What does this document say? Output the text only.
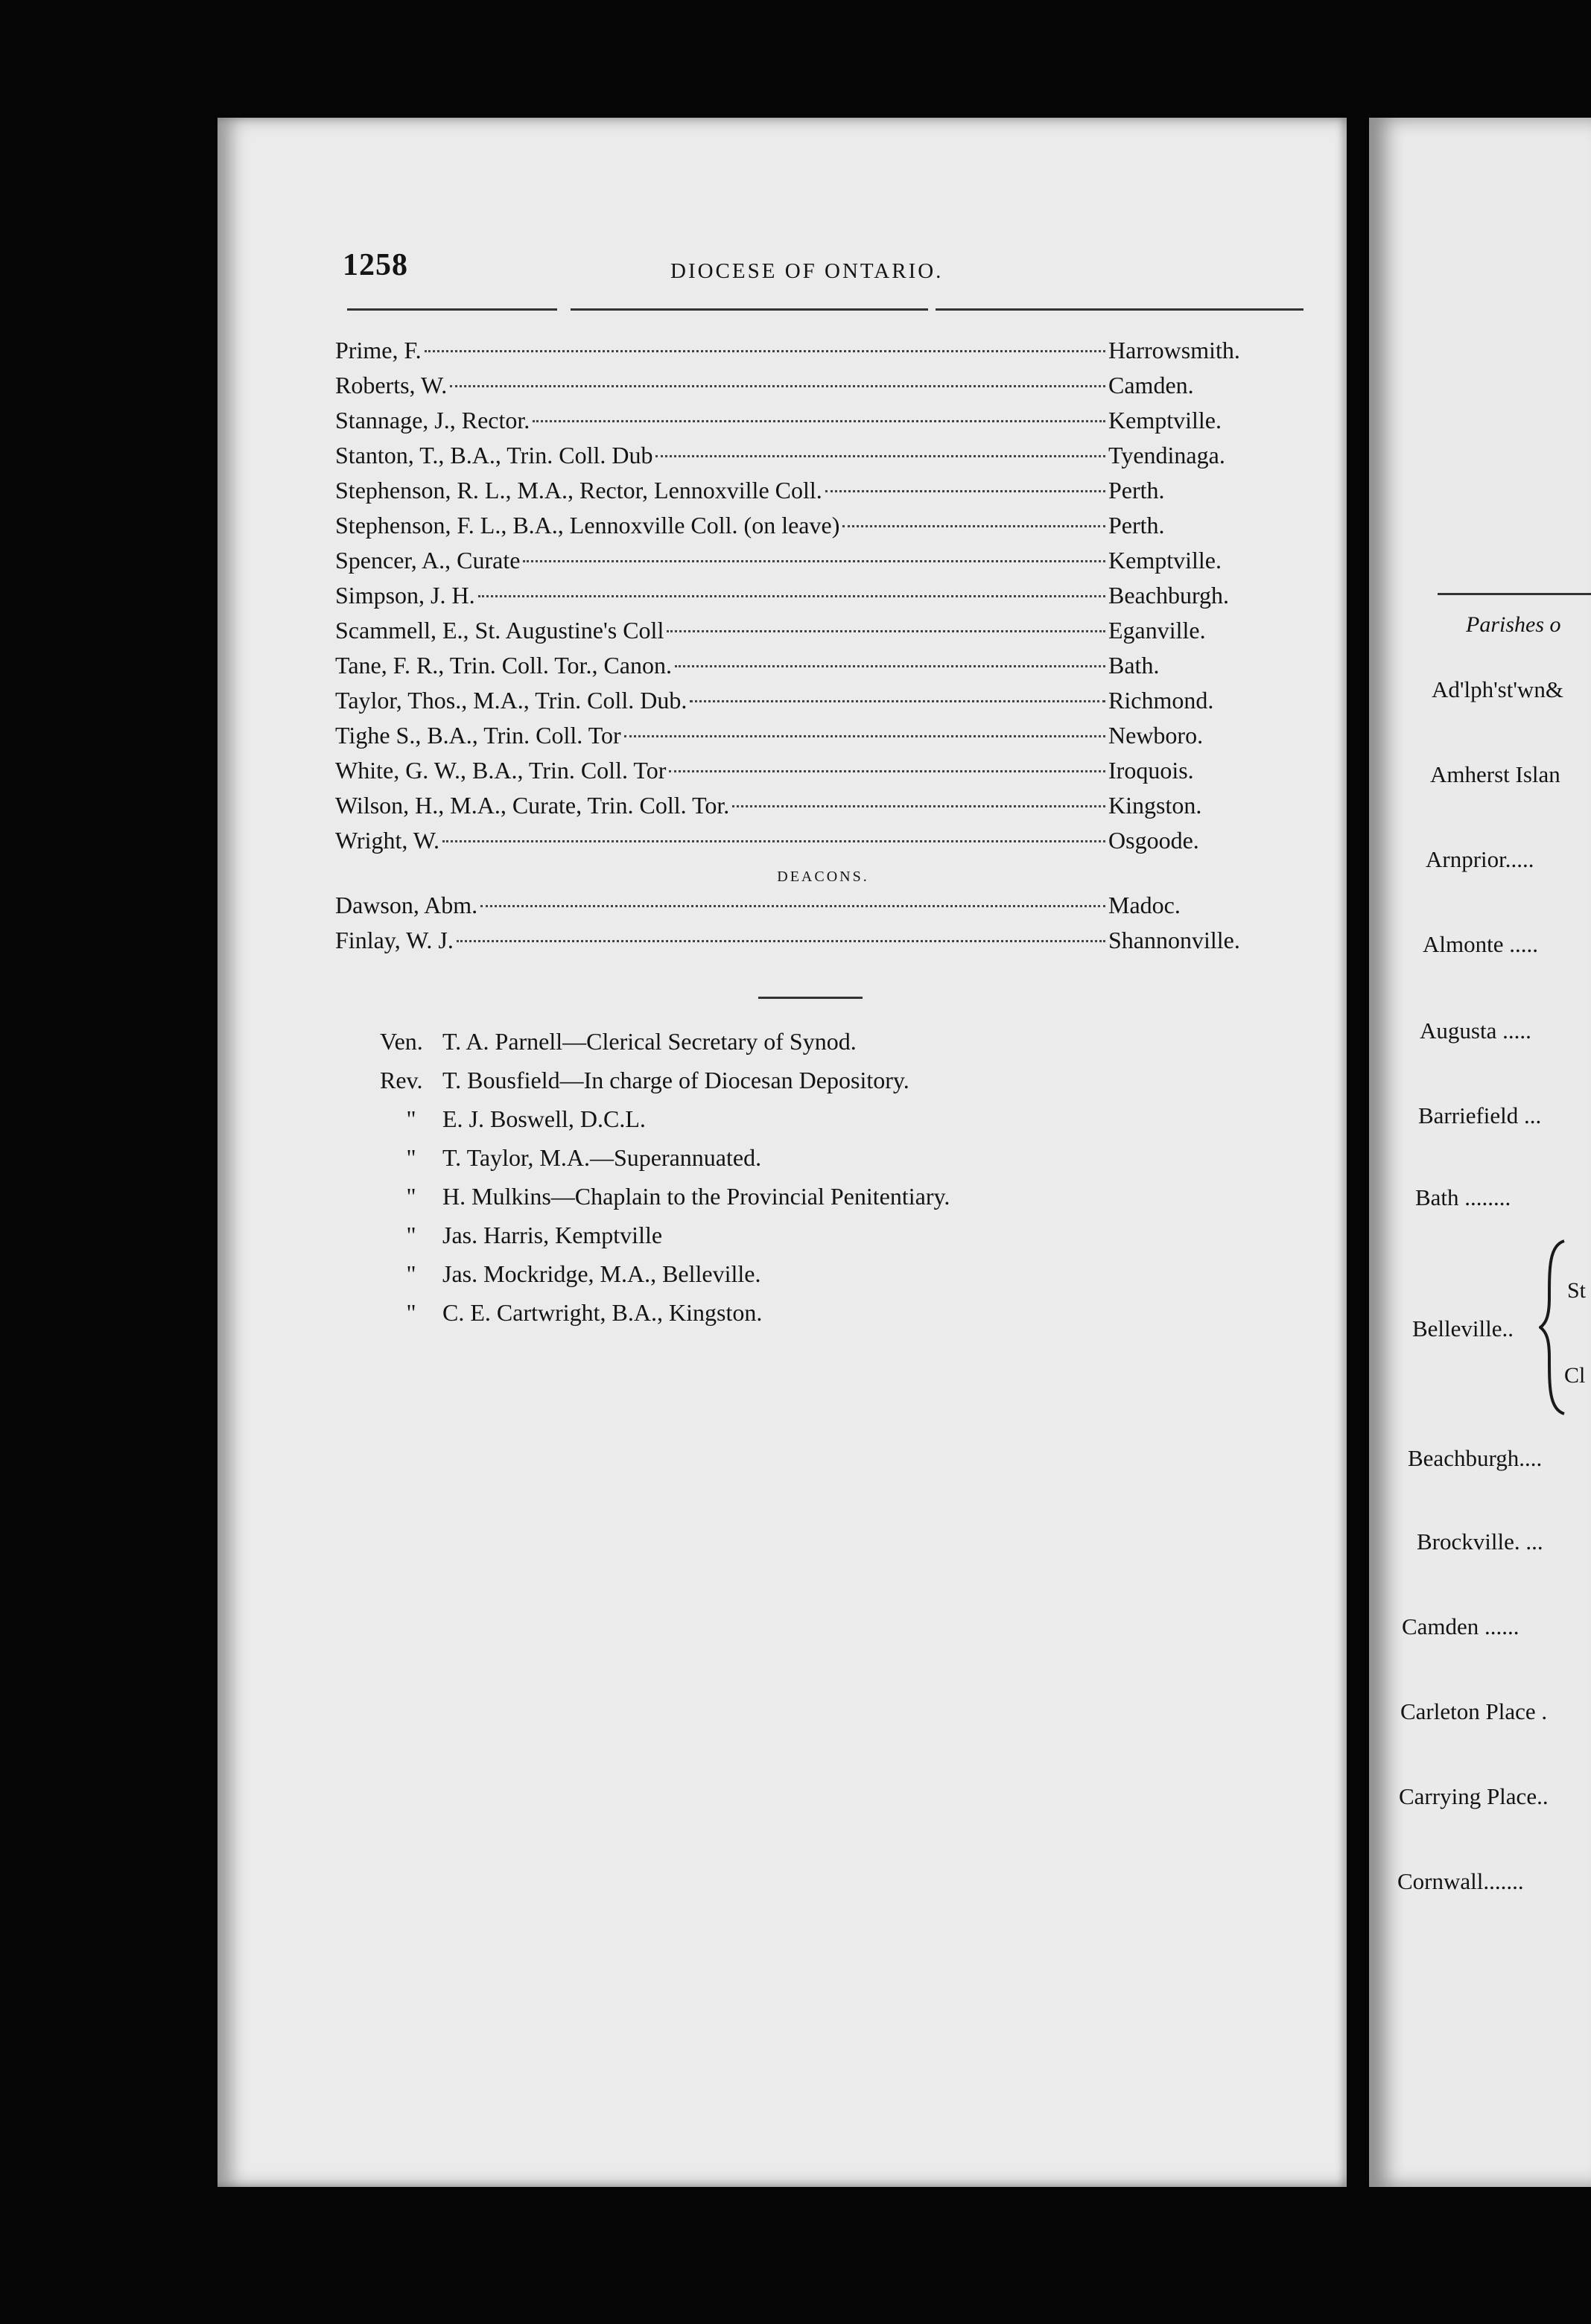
1258	DIOCESE OF ONTARIO.
Prime, F.	Harrowsmith.
Roberts, W.	Camden.
Stannage, J., Rector.	Kemptville.
Stanton, T., B.A., Trin. Coll. Dub	Tyendinaga.
Stephenson, R. L., M.A., Rector, Lennoxville Coll.	Perth.
Stephenson, F. L., B.A., Lennoxville Coll. (on leave)	Perth.
Spencer, A., Curate	Kemptville.
Simpson, J. H.	Beachburgh.
Scammell, E., St. Augustine's Coll	Eganville.
Tane, F. R., Trin. Coll. Tor., Canon.	Bath.
Taylor, Thos., M.A., Trin. Coll. Dub.	Richmond.
Tighe S., B.A., Trin. Coll. Tor	Newboro.
White, G. W., B.A., Trin. Coll. Tor	Iroquois.
Wilson, H., M.A., Curate, Trin. Coll. Tor.	Kingston.
Wright, W.	Osgoode.
DEACONS.
Dawson, Abm.	Madoc.
Finlay, W. J.	Shannonville.
Ven. T. A. Parnell—Clerical Secretary of Synod.
Rev. T. Bousfield—In charge of Diocesan Depository.
"	E. J. Boswell, D.C.L.
"	T. Taylor, M.A.—Superannuated.
"	H. Mulkins—Chaplain to the Provincial Penitentiary.
"	Jas. Harris, Kemptville
"	Jas. Mockridge, M.A., Belleville.
"	C. E. Cartwright, B.A., Kingston.
Parishes o
Ad'lph'st'wn&
Amherst Islan
Arnprior.....
Almonte .....
Augusta .....
Barriefield ...
Bath ........
Belleville..
Beachburgh....
Brockville. ...
Camden ......
Carleton Place .
Carrying Place..
Cornwall.......
St
Cl
